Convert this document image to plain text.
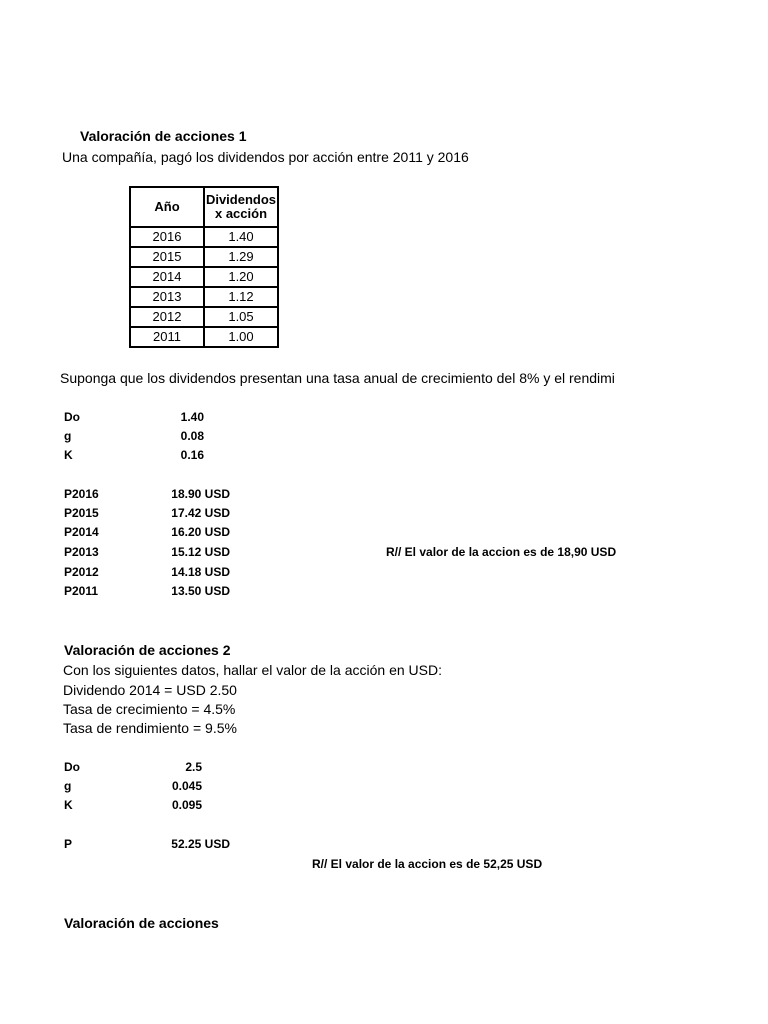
Valoración de acciones 1
Una compañía, pagó los dividendos por acción entre 2011 y 2016
Año	Dividendos x acción
2016	1.40
2015	1.29
2014	1.20
2013	1.12
2012	1.05
2011	1.00
Suponga que los dividendos presentan una tasa anual de crecimiento del 8% y el rendimi
Do	1.40
g	0.08
K	0.16
P2016	18.90 USD
P2015	17.42 USD
P2014	16.20 USD
P2013	15.12 USD
P2012	14.18 USD
P2011	13.50 USD
R// El valor de la accion es de 18,90 USD
Valoración de acciones 2
Con los siguientes datos, hallar el valor de la acción en USD:
Dividendo 2014 = USD 2.50
Tasa de crecimiento = 4.5%
Tasa de rendimiento = 9.5%
Do	2.5
g	0.045
K	0.095
P	52.25 USD
R// El valor de la accion es de 52,25 USD
Valoración de acciones
